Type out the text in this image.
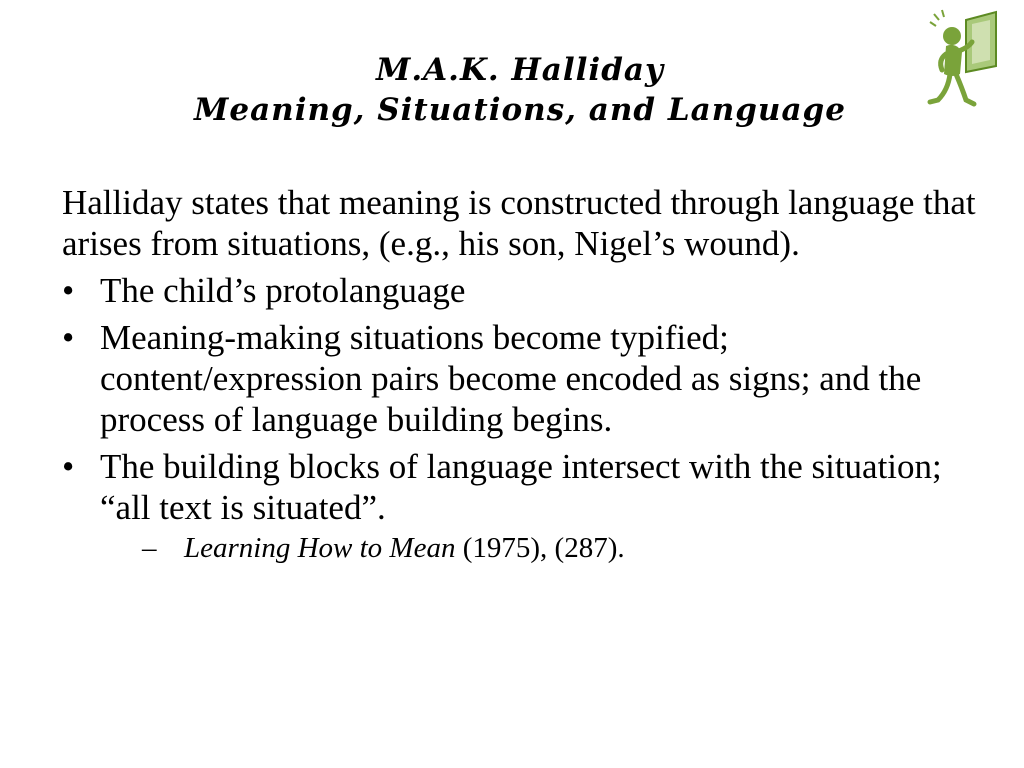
M.A.K. Halliday
Meaning, Situations, and Language

Halliday states that meaning is constructed through language that arises from situations, (e.g., his son, Nigel’s wound).

• The child’s protolanguage
• Meaning-making situations become typified; content/expression pairs become encoded as signs; and the process of language building begins.
• The building blocks of language intersect with the situation; “all text is situated”.
– Learning How to Mean (1975), (287).
